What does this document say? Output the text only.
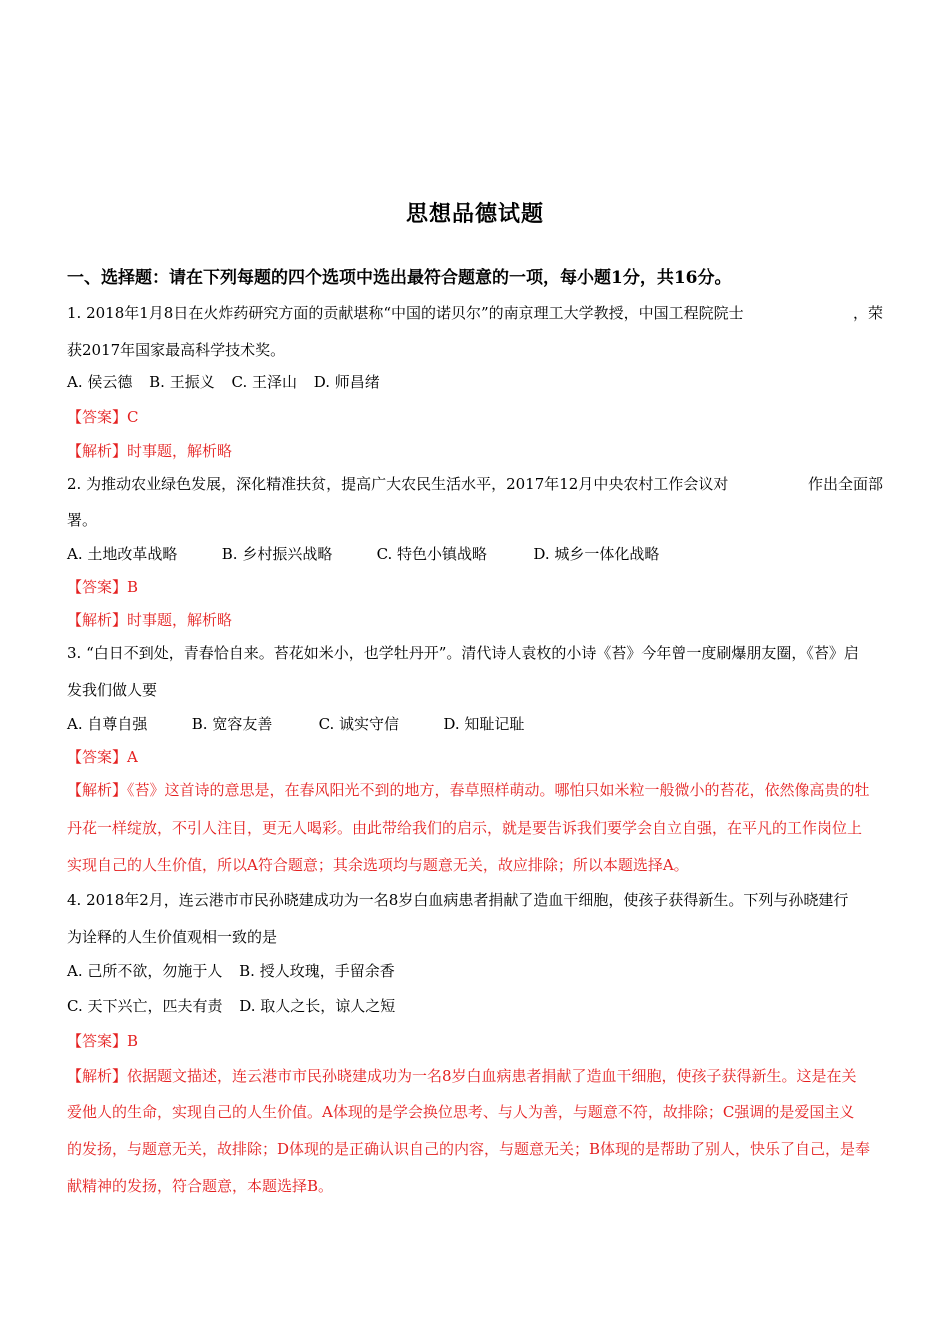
思想品德试题
一、选择题：请在下列每题的四个选项中选出最符合题意的一项，每小题1分，共16分。
1. 2018年1月8日在火炸药研究方面的贡献堪称“中国的诺贝尔”的南京理工大学教授，中国工程院院士	，荣
获2017年国家最高科学技术奖。
A. 侯云德 B. 王振义 C. 王泽山 D. 师昌绪
【答案】C
【解析】时事题，解析略
2. 为推动农业绿色发展，深化精准扶贫，提高广大农民生活水平，2017年12月中央农村工作会议对	作出全面部
署。
A. 土地改革战略	B. 乡村振兴战略	C. 特色小镇战略	D. 城乡一体化战略
【答案】B
【解析】时事题，解析略
3. “白日不到处，青春恰自来。苔花如米小，也学牡丹开”。清代诗人袁枚的小诗《苔》今年曾一度刷爆朋友圈，《苔》启
发我们做人要
A. 自尊自强	B. 宽容友善	C. 诚实守信	D. 知耻记耻
【答案】A
【解析】《苔》这首诗的意思是，在春风阳光不到的地方，春草照样萌动。哪怕只如米粒一般微小的苔花，依然像高贵的牡
丹花一样绽放，不引人注目，更无人喝彩。由此带给我们的启示，就是要告诉我们要学会自立自强，在平凡的工作岗位上
实现自己的人生价值，所以A符合题意；其余选项均与题意无关，故应排除；所以本题选择A。
4. 2018年2月，连云港市市民孙晓建成功为一名8岁白血病患者捐献了造血干细胞，使孩子获得新生。下列与孙晓建行
为诠释的人生价值观相一致的是
A. 己所不欲，勿施于人 B. 授人玫瑰，手留余香
C. 天下兴亡，匹夫有责 D. 取人之长，谅人之短
【答案】B
【解析】依据题文描述，连云港市市民孙晓建成功为一名8岁白血病患者捐献了造血干细胞，使孩子获得新生。这是在关
爱他人的生命，实现自己的人生价值。A体现的是学会换位思考、与人为善，与题意不符，故排除；C强调的是爱国主义
的发扬，与题意无关，故排除；D体现的是正确认识自己的内容，与题意无关；B体现的是帮助了别人，快乐了自己，是奉
献精神的发扬，符合题意，本题选择B。
